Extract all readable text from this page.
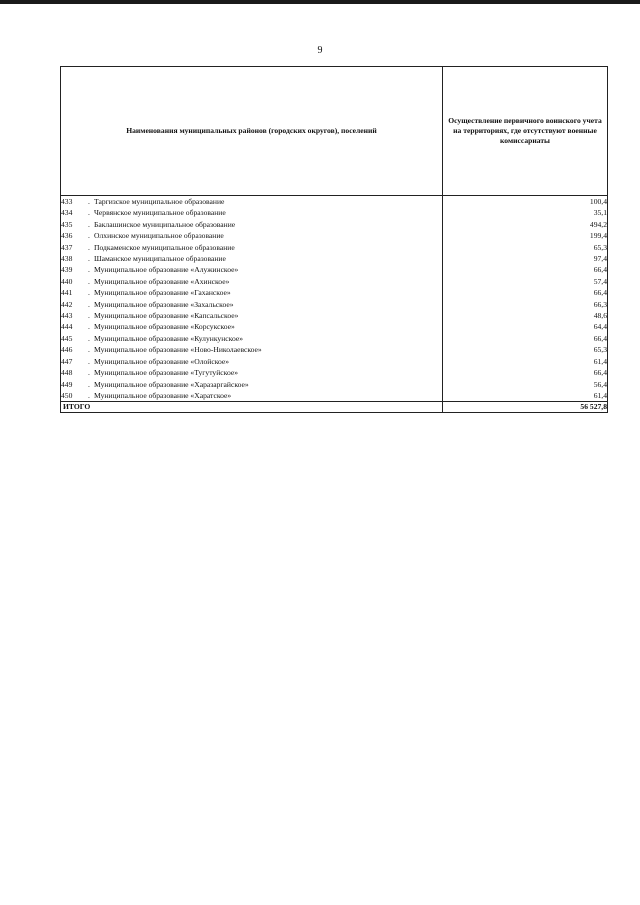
9
Наименования муниципальных районов (городских округов), поселений	Осуществление первичного воинского учета на территориях, где отсутствуют военные комиссариаты
433 . Таргизское муниципальное образование	100,4
434 . Червянское муниципальное образование	35,1
435 . Баклашинское муниципальное образование	494,2
436 . Олхинское муниципальное образование	199,4
437 . Подкаменское муниципальное образование	65,3
438 . Шаманское муниципальное образование	97,4
439 . Муниципальное образование «Алужинское»	66,4
440 . Муниципальное образование «Ахинское»	57,4
441 . Муниципальное образование «Гаханское»	66,4
442 . Муниципальное образование «Захальское»	66,3
443 . Муниципальное образование «Капсальское»	48,6
444 . Муниципальное образование «Корсукское»	64,4
445 . Муниципальное образование «Кулункунское»	66,4
446 . Муниципальное образование «Ново-Николаевское»	65,3
447 . Муниципальное образование «Олойское»	61,4
448 . Муниципальное образование «Тугутуйское»	66,4
449 . Муниципальное образование «Харазаргайское»	56,4
450 . Муниципальное образование «Харатское»	61,4
ИТОГО	56 527,8
